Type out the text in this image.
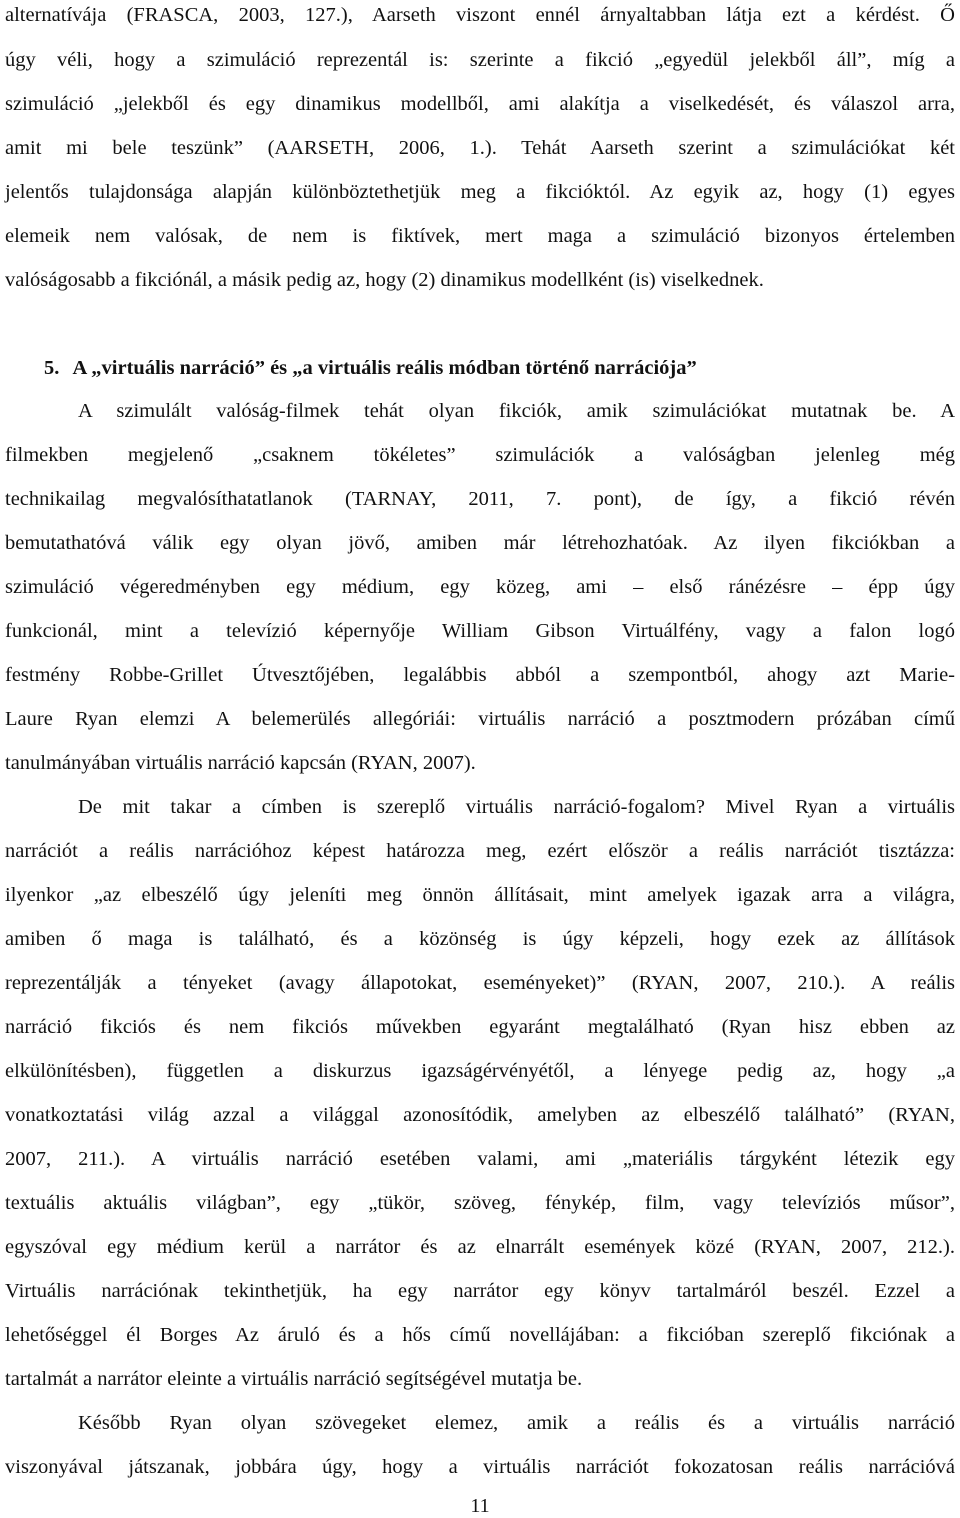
alternatívája (FRASCA, 2003, 127.), Aarseth viszont ennél árnyaltabban látja ezt a kérdést. Ő
úgy véli, hogy a szimuláció reprezentál is: szerinte a fikció „egyedül jelekből áll”, míg a
szimuláció „jelekből és egy dinamikus modellből, ami alakítja a viselkedését, és válaszol arra,
amit mi bele teszünk” (AARSETH, 2006, 1.). Tehát Aarseth szerint a szimulációkat két
jelentős tulajdonsága alapján különböztethetjük meg a fikcióktól. Az egyik az, hogy (1) egyes
elemeik nem valósak, de nem is fiktívek, mert maga a szimuláció bizonyos értelemben
valóságosabb a fikciónál, a másik pedig az, hogy (2) dinamikus modellként (is) viselkednek.
5. A „virtuális narráció” és „a virtuális reális módban történő narrációja”
A szimulált valóság-filmek tehát olyan fikciók, amik szimulációkat mutatnak be. A
filmekben megjelenő „csaknem tökéletes” szimulációk a valóságban jelenleg még
technikailag megvalósíthatatlanok (TARNAY, 2011, 7. pont), de így, a fikció révén
bemutathatóvá válik egy olyan jövő, amiben már létrehozhatóak. Az ilyen fikciókban a
szimuláció végeredményben egy médium, egy közeg, ami – első ránézésre – épp úgy
funkcionál, mint a televízió képernyője William Gibson Virtuálfény, vagy a falon logó
festmény Robbe-Grillet Útvesztőjében, legalábbis abból a szempontból, ahogy azt Marie-
Laure Ryan elemzi A belemerülés allegóriái: virtuális narráció a posztmodern prózában című
tanulmányában virtuális narráció kapcsán (RYAN, 2007).
De mit takar a címben is szereplő virtuális narráció-fogalom? Mivel Ryan a virtuális
narrációt a reális narrációhoz képest határozza meg, ezért először a reális narrációt tisztázza:
ilyenkor „az elbeszélő úgy jeleníti meg önnön állításait, mint amelyek igazak arra a világra,
amiben ő maga is található, és a közönség is úgy képzeli, hogy ezek az állítások
reprezentálják a tényeket (avagy állapotokat, eseményeket)” (RYAN, 2007, 210.). A reális
narráció fikciós és nem fikciós művekben egyaránt megtalálható (Ryan hisz ebben az
elkülönítésben), független a diskurzus igazságérvényétől, a lényege pedig az, hogy „a
vonatkoztatási világ azzal a világgal azonosítódik, amelyben az elbeszélő található” (RYAN,
2007, 211.). A virtuális narráció esetében valami, ami „materiális tárgyként létezik egy
textuális aktuális világban”, egy „tükör, szöveg, fénykép, film, vagy televíziós műsor”,
egyszóval egy médium kerül a narrátor és az elnarrált események közé (RYAN, 2007, 212.).
Virtuális narrációnak tekinthetjük, ha egy narrátor egy könyv tartalmáról beszél. Ezzel a
lehetőséggel él Borges Az áruló és a hős című novellájában: a fikcióban szereplő fikciónak a
tartalmát a narrátor eleinte a virtuális narráció segítségével mutatja be.
Később Ryan olyan szövegeket elemez, amik a reális és a virtuális narráció
viszonyával játszanak, jobbára úgy, hogy a virtuális narrációt fokozatosan reális narrációvá
11
